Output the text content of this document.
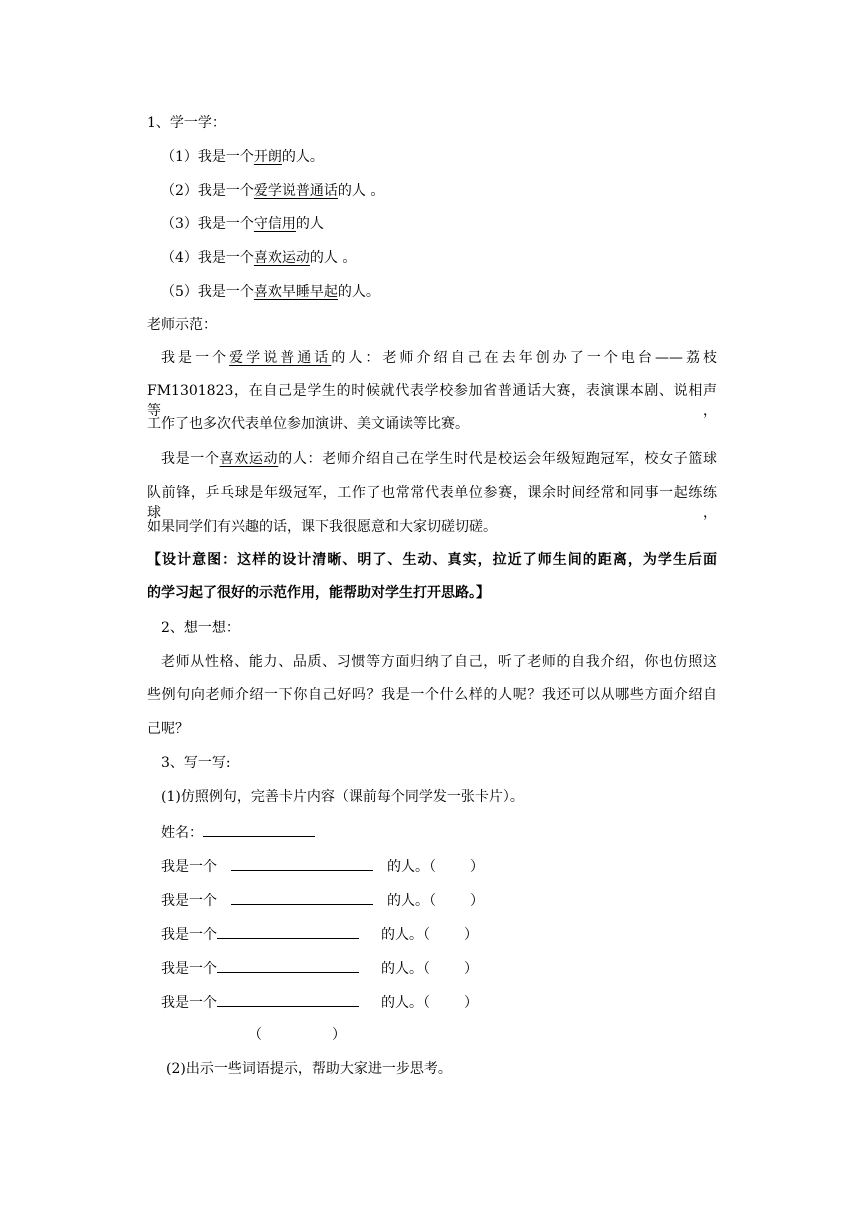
1、学一学：
（1）我是一个开朗的人。
（2）我是一个爱学说普通话的人 。
（3）我是一个守信用的人
（4）我是一个喜欢运动的人 。
（5）我是一个喜欢早睡早起的人。
老师示范：
我是一个爱学说普通话的人：老师介绍自己在去年创办了一个电台——荔枝
FM1301823，在自己是学生的时候就代表学校参加省普通话大赛，表演课本剧、说相声等，
工作了也多次代表单位参加演讲、美文诵读等比赛。
我是一个喜欢运动的人：老师介绍自己在学生时代是校运会年级短跑冠军，校女子篮球
队前锋，乒乓球是年级冠军，工作了也常常代表单位参赛，课余时间经常和同事一起练练球，
如果同学们有兴趣的话，课下我很愿意和大家切磋切磋。
【设计意图：这样的设计清晰、明了、生动、真实，拉近了师生间的距离，为学生后面
的学习起了很好的示范作用，能帮助对学生打开思路。】
2、想一想：
老师从性格、能力、品质、习惯等方面归纳了自己，听了老师的自我介绍，你也仿照这
些例句向老师介绍一下你自己好吗？我是一个什么样的人呢？我还可以从哪些方面介绍自
己呢？
3、写一写:
(1)仿照例句，完善卡片内容（课前每个同学发一张卡片）。
姓名：
我是一个	的人。（ ）
我是一个	的人。（ ）
我是一个	的人。（ ）
我是一个	的人。（ ）
我是一个	的人。（ ）
（	）
(2)出示一些词语提示，帮助大家进一步思考。
